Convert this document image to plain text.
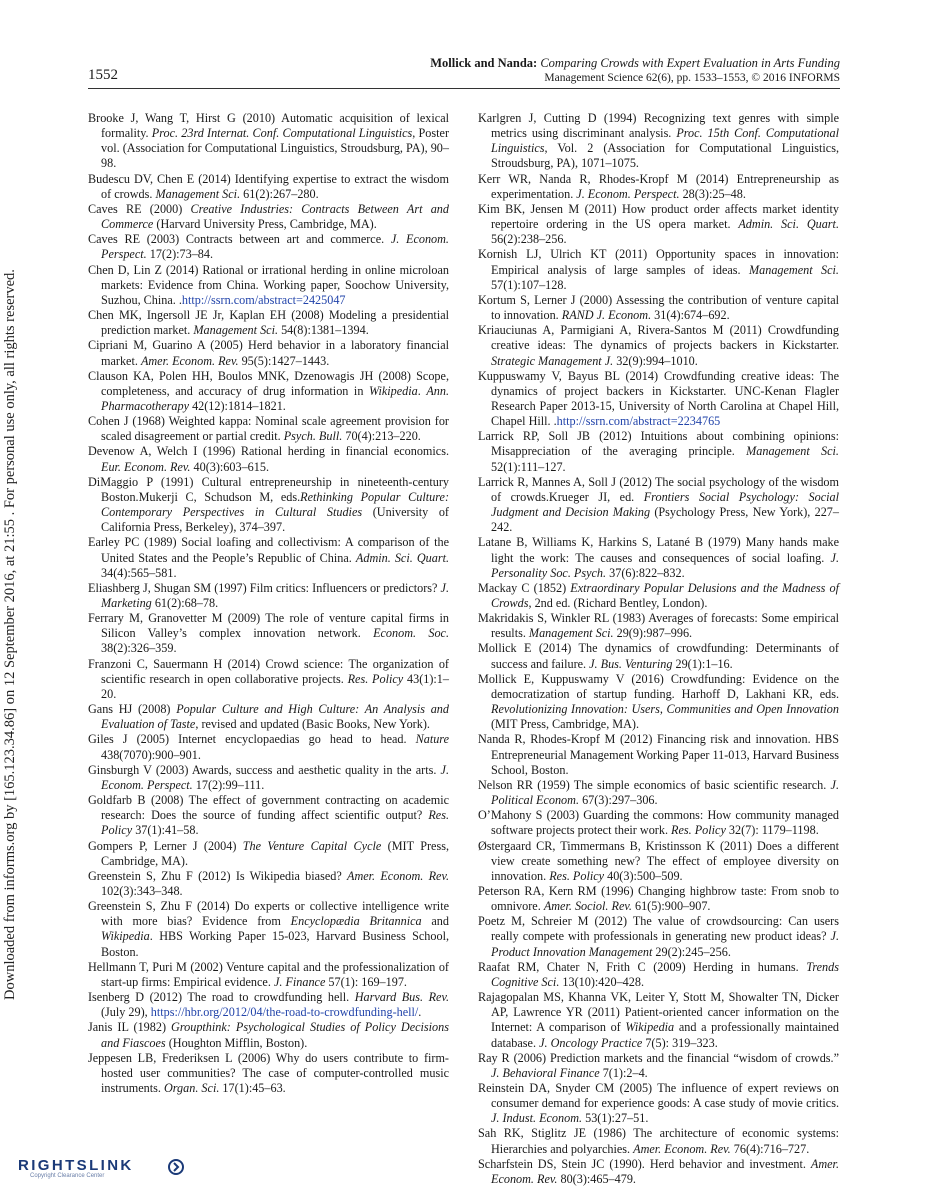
1552
Mollick and Nanda: Comparing Crowds with Expert Evaluation in Arts Funding
Management Science 62(6), pp. 1533–1553, © 2016 INFORMS

Brooke J, Wang T, Hirst G (2010) Automatic acquisition of lexical formality. Proc. 23rd Internat. Conf. Computational Linguistics, Poster vol. (Association for Computational Linguistics, Stroudsburg, PA), 90–98.

Budescu DV, Chen E (2014) Identifying expertise to extract the wisdom of crowds. Management Sci. 61(2):267–280.

Caves RE (2000) Creative Industries: Contracts Between Art and Commerce (Harvard University Press, Cambridge, MA).

Caves RE (2003) Contracts between art and commerce. J. Econom. Perspect. 17(2):73–84.

Chen D, Lin Z (2014) Rational or irrational herding in online microloan markets: Evidence from China. Working paper, Soochow University, Suzhou, China. .http://ssrn.com/abstract=2425047

Chen MK, Ingersoll JE Jr, Kaplan EH (2008) Modeling a presidential prediction market. Management Sci. 54(8):1381–1394.

Cipriani M, Guarino A (2005) Herd behavior in a laboratory financial market. Amer. Econom. Rev. 95(5):1427–1443.

Clauson KA, Polen HH, Boulos MNK, Dzenowagis JH (2008) Scope, completeness, and accuracy of drug information in Wikipedia. Ann. Pharmacotherapy 42(12):1814–1821.

Cohen J (1968) Weighted kappa: Nominal scale agreement provision for scaled disagreement or partial credit. Psych. Bull. 70(4):213–220.

Devenow A, Welch I (1996) Rational herding in financial economics. Eur. Econom. Rev. 40(3):603–615.

DiMaggio P (1991) Cultural entrepreneurship in nineteenth-century Boston.Mukerji C, Schudson M, eds.Rethinking Popular Culture: Contemporary Perspectives in Cultural Studies (University of California Press, Berkeley), 374–397.

Earley PC (1989) Social loafing and collectivism: A comparison of the United States and the People’s Republic of China. Admin. Sci. Quart. 34(4):565–581.

Eliashberg J, Shugan SM (1997) Film critics: Influencers or predictors? J. Marketing 61(2):68–78.

Ferrary M, Granovetter M (2009) The role of venture capital firms in Silicon Valley’s complex innovation network. Econom. Soc. 38(2):326–359.

Franzoni C, Sauermann H (2014) Crowd science: The organization of scientific research in open collaborative projects. Res. Policy 43(1):1–20.

Gans HJ (2008) Popular Culture and High Culture: An Analysis and Evaluation of Taste, revised and updated (Basic Books, New York).

Giles J (2005) Internet encyclopaedias go head to head. Nature 438(7070):900–901.

Ginsburgh V (2003) Awards, success and aesthetic quality in the arts. J. Econom. Perspect. 17(2):99–111.

Goldfarb B (2008) The effect of government contracting on academic research: Does the source of funding affect scientific output? Res. Policy 37(1):41–58.

Gompers P, Lerner J (2004) The Venture Capital Cycle (MIT Press, Cambridge, MA).

Greenstein S, Zhu F (2012) Is Wikipedia biased? Amer. Econom. Rev. 102(3):343–348.

Greenstein S, Zhu F (2014) Do experts or collective intelligence write with more bias? Evidence from Encyclopædia Britannica and Wikipedia. HBS Working Paper 15-023, Harvard Business School, Boston.

Hellmann T, Puri M (2002) Venture capital and the professionalization of start-up firms: Empirical evidence. J. Finance 57(1): 169–197.

Isenberg D (2012) The road to crowdfunding hell. Harvard Bus. Rev. (July 29), https://hbr.org/2012/04/the-road-to-crowdfunding-hell/.

Janis IL (1982) Groupthink: Psychological Studies of Policy Decisions and Fiascoes (Houghton Mifflin, Boston).

Jeppesen LB, Frederiksen L (2006) Why do users contribute to firm-hosted user communities? The case of computer-controlled music instruments. Organ. Sci. 17(1):45–63.

Karlgren J, Cutting D (1994) Recognizing text genres with simple metrics using discriminant analysis. Proc. 15th Conf. Computational Linguistics, Vol. 2 (Association for Computational Linguistics, Stroudsburg, PA), 1071–1075.

Kerr WR, Nanda R, Rhodes-Kropf M (2014) Entrepreneurship as experimentation. J. Econom. Perspect. 28(3):25–48.

Kim BK, Jensen M (2011) How product order affects market identity repertoire ordering in the US opera market. Admin. Sci. Quart. 56(2):238–256.

Kornish LJ, Ulrich KT (2011) Opportunity spaces in innovation: Empirical analysis of large samples of ideas. Management Sci. 57(1):107–128.

Kortum S, Lerner J (2000) Assessing the contribution of venture capital to innovation. RAND J. Econom. 31(4):674–692.

Kriauciunas A, Parmigiani A, Rivera-Santos M (2011) Crowdfunding creative ideas: The dynamics of projects backers in Kickstarter. Strategic Management J. 32(9):994–1010.

Kuppuswamy V, Bayus BL (2014) Crowdfunding creative ideas: The dynamics of project backers in Kickstarter. UNC-Kenan Flagler Research Paper 2013-15, University of North Carolina at Chapel Hill, Chapel Hill. .http://ssrn.com/abstract=2234765

Larrick RP, Soll JB (2012) Intuitions about combining opinions: Misappreciation of the averaging principle. Management Sci. 52(1):111–127.

Larrick R, Mannes A, Soll J (2012) The social psychology of the wisdom of crowds.Krueger JI, ed. Frontiers Social Psychology: Social Judgment and Decision Making (Psychology Press, New York), 227–242.

Latane B, Williams K, Harkins S, Latané B (1979) Many hands make light the work: The causes and consequences of social loafing. J. Personality Soc. Psych. 37(6):822–832.

Mackay C (1852) Extraordinary Popular Delusions and the Madness of Crowds, 2nd ed. (Richard Bentley, London).

Makridakis S, Winkler RL (1983) Averages of forecasts: Some empirical results. Management Sci. 29(9):987–996.

Mollick E (2014) The dynamics of crowdfunding: Determinants of success and failure. J. Bus. Venturing 29(1):1–16.

Mollick E, Kuppuswamy V (2016) Crowdfunding: Evidence on the democratization of startup funding. Harhoff D, Lakhani KR, eds. Revolutionizing Innovation: Users, Communities and Open Innovation (MIT Press, Cambridge, MA).

Nanda R, Rhodes-Kropf M (2012) Financing risk and innovation. HBS Entrepreneurial Management Working Paper 11-013, Harvard Business School, Boston.

Nelson RR (1959) The simple economics of basic scientific research. J. Political Econom. 67(3):297–306.

O’Mahony S (2003) Guarding the commons: How community managed software projects protect their work. Res. Policy 32(7): 1179–1198.

Østergaard CR, Timmermans B, Kristinsson K (2011) Does a different view create something new? The effect of employee diversity on innovation. Res. Policy 40(3):500–509.

Peterson RA, Kern RM (1996) Changing highbrow taste: From snob to omnivore. Amer. Sociol. Rev. 61(5):900–907.

Poetz M, Schreier M (2012) The value of crowdsourcing: Can users really compete with professionals in generating new product ideas? J. Product Innovation Management 29(2):245–256.

Raafat RM, Chater N, Frith C (2009) Herding in humans. Trends Cognitive Sci. 13(10):420–428.

Rajagopalan MS, Khanna VK, Leiter Y, Stott M, Showalter TN, Dicker AP, Lawrence YR (2011) Patient-oriented cancer information on the Internet: A comparison of Wikipedia and a professionally maintained database. J. Oncology Practice 7(5): 319–323.

Ray R (2006) Prediction markets and the financial “wisdom of crowds.” J. Behavioral Finance 7(1):2–4.

Reinstein DA, Snyder CM (2005) The influence of expert reviews on consumer demand for experience goods: A case study of movie critics. J. Indust. Econom. 53(1):27–51.

Sah RK, Stiglitz JE (1986) The architecture of economic systems: Hierarchies and polyarchies. Amer. Econom. Rev. 76(4):716–727.

Scharfstein DS, Stein JC (1990). Herd behavior and investment. Amer. Econom. Rev. 80(3):465–479.

Downloaded from informs.org by [165.123.34.86] on 12 September 2016, at 21:55 . For personal use only, all rights reserved.
RIGHTSLINK
Copyright Clearance Center
